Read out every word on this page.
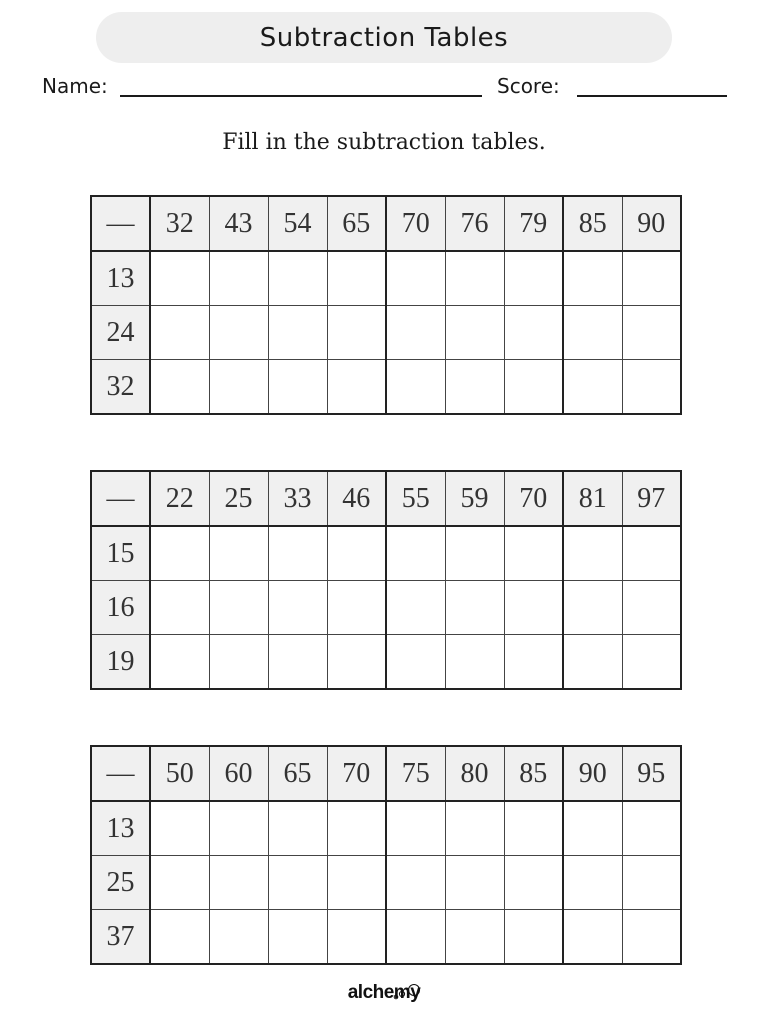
Subtraction Tables
Name:	Score:
Fill in the subtraction tables.
—	32	43	54	65	70	76	79	85	90
13									
24									
32									
—	22	25	33	46	55	59	70	81	97
15									
16									
19									
—	50	60	65	70	75	80	85	90	95
13									
25									
37									
alchemy
